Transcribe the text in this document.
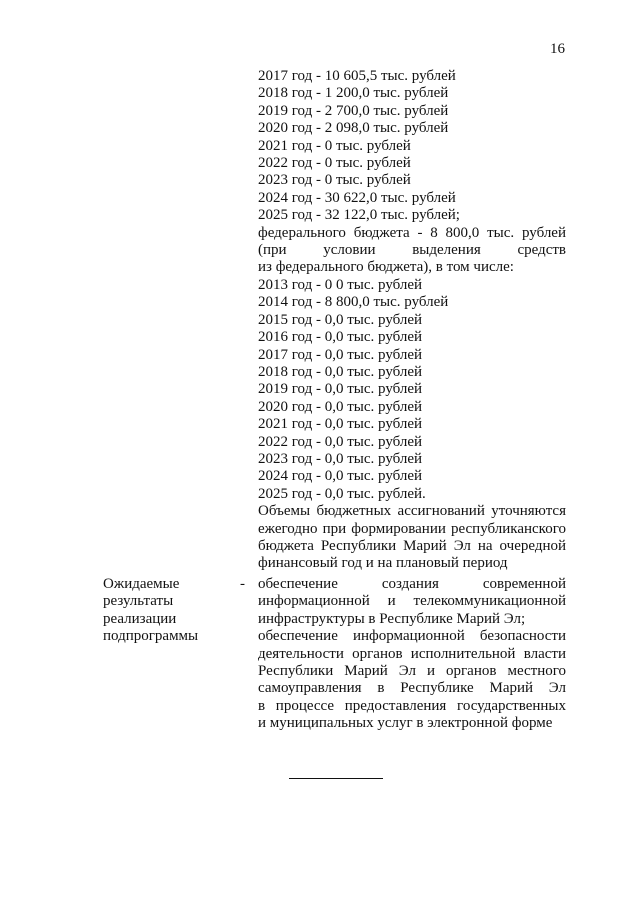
16
2017 год - 10 605,5 тыс. рублей
2018 год - 1 200,0 тыс. рублей
2019 год - 2 700,0 тыс. рублей
2020 год - 2 098,0 тыс. рублей
2021 год - 0 тыс. рублей
2022 год - 0 тыс. рублей
2023 год - 0 тыс. рублей
2024 год - 30 622,0 тыс. рублей
2025 год - 32 122,0 тыс. рублей;
федерального бюджета - 8 800,0 тыс. рублей
(при условии выделения средств
из федерального бюджета), в том числе:
2013 год - 0 0 тыс. рублей
2014 год - 8 800,0 тыс. рублей
2015 год - 0,0 тыс. рублей
2016 год - 0,0 тыс. рублей
2017 год - 0,0 тыс. рублей
2018 год - 0,0 тыс. рублей
2019 год - 0,0 тыс. рублей
2020 год - 0,0 тыс. рублей
2021 год - 0,0 тыс. рублей
2022 год - 0,0 тыс. рублей
2023 год - 0,0 тыс. рублей
2024 год - 0,0 тыс. рублей
2025 год - 0,0 тыс. рублей.
Объемы бюджетных ассигнований уточняются
ежегодно при формировании республиканского
бюджета Республики Марий Эл на очередной
финансовый год и на плановый период
Ожидаемые
результаты
реализации
подпрограммы
- обеспечение создания современной
информационной и телекоммуникационной
инфраструктуры в Республике Марий Эл;
обеспечение информационной безопасности
деятельности органов исполнительной власти
Республики Марий Эл и органов местного
самоуправления в Республике Марий Эл
в процессе предоставления государственных
и муниципальных услуг в электронной форме
